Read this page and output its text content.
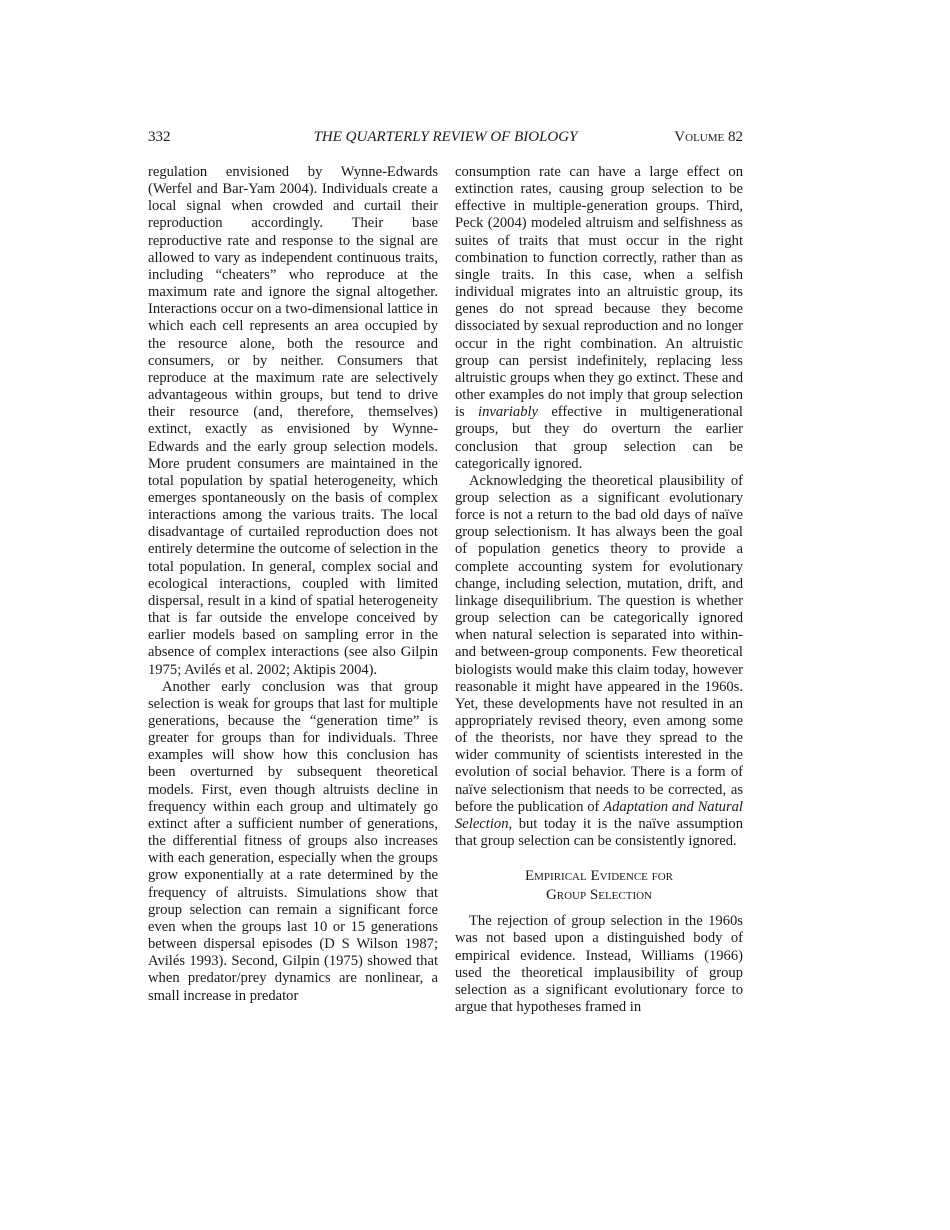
332	THE QUARTERLY REVIEW OF BIOLOGY	Volume 82

regulation envisioned by Wynne-Edwards (Werfel and Bar-Yam 2004). Individuals create a local signal when crowded and curtail their reproduction accordingly. Their base reproductive rate and response to the signal are allowed to vary as independent continuous traits, including “cheaters” who reproduce at the maximum rate and ignore the signal altogether. Interactions occur on a two-dimensional lattice in which each cell represents an area occupied by the resource alone, both the resource and consumers, or by neither. Consumers that reproduce at the maximum rate are selectively advantageous within groups, but tend to drive their resource (and, therefore, themselves) extinct, exactly as envisioned by Wynne-Edwards and the early group selection models. More prudent consumers are maintained in the total population by spatial heterogeneity, which emerges spontaneously on the basis of complex interactions among the various traits. The local disadvantage of curtailed reproduction does not entirely determine the outcome of selection in the total population. In general, complex social and ecological interactions, coupled with limited dispersal, result in a kind of spatial heterogeneity that is far outside the envelope conceived by earlier models based on sampling error in the absence of complex interactions (see also Gilpin 1975; Avilés et al. 2002; Aktipis 2004).

Another early conclusion was that group selection is weak for groups that last for multiple generations, because the “generation time” is greater for groups than for individuals. Three examples will show how this conclusion has been overturned by subsequent theoretical models. First, even though altruists decline in frequency within each group and ultimately go extinct after a sufficient number of generations, the differential fitness of groups also increases with each generation, especially when the groups grow exponentially at a rate determined by the frequency of altruists. Simulations show that group selection can remain a significant force even when the groups last 10 or 15 generations between dispersal episodes (D S Wilson 1987; Avilés 1993). Second, Gilpin (1975) showed that when predator/prey dynamics are nonlinear, a small increase in predator

consumption rate can have a large effect on extinction rates, causing group selection to be effective in multiple-generation groups. Third, Peck (2004) modeled altruism and selfishness as suites of traits that must occur in the right combination to function correctly, rather than as single traits. In this case, when a selfish individual migrates into an altruistic group, its genes do not spread because they become dissociated by sexual reproduction and no longer occur in the right combination. An altruistic group can persist indefinitely, replacing less altruistic groups when they go extinct. These and other examples do not imply that group selection is invariably effective in multigenerational groups, but they do overturn the earlier conclusion that group selection can be categorically ignored.

Acknowledging the theoretical plausibility of group selection as a significant evolutionary force is not a return to the bad old days of naïve group selectionism. It has always been the goal of population genetics theory to provide a complete accounting system for evolutionary change, including selection, mutation, drift, and linkage disequilibrium. The question is whether group selection can be categorically ignored when natural selection is separated into within- and between-group components. Few theoretical biologists would make this claim today, however reasonable it might have appeared in the 1960s. Yet, these developments have not resulted in an appropriately revised theory, even among some of the theorists, nor have they spread to the wider community of scientists interested in the evolution of social behavior. There is a form of naïve selectionism that needs to be corrected, as before the publication of Adaptation and Natural Selection, but today it is the naïve assumption that group selection can be consistently ignored.

Empirical Evidence for
Group Selection

The rejection of group selection in the 1960s was not based upon a distinguished body of empirical evidence. Instead, Williams (1966) used the theoretical implausibility of group selection as a significant evolutionary force to argue that hypotheses framed in
